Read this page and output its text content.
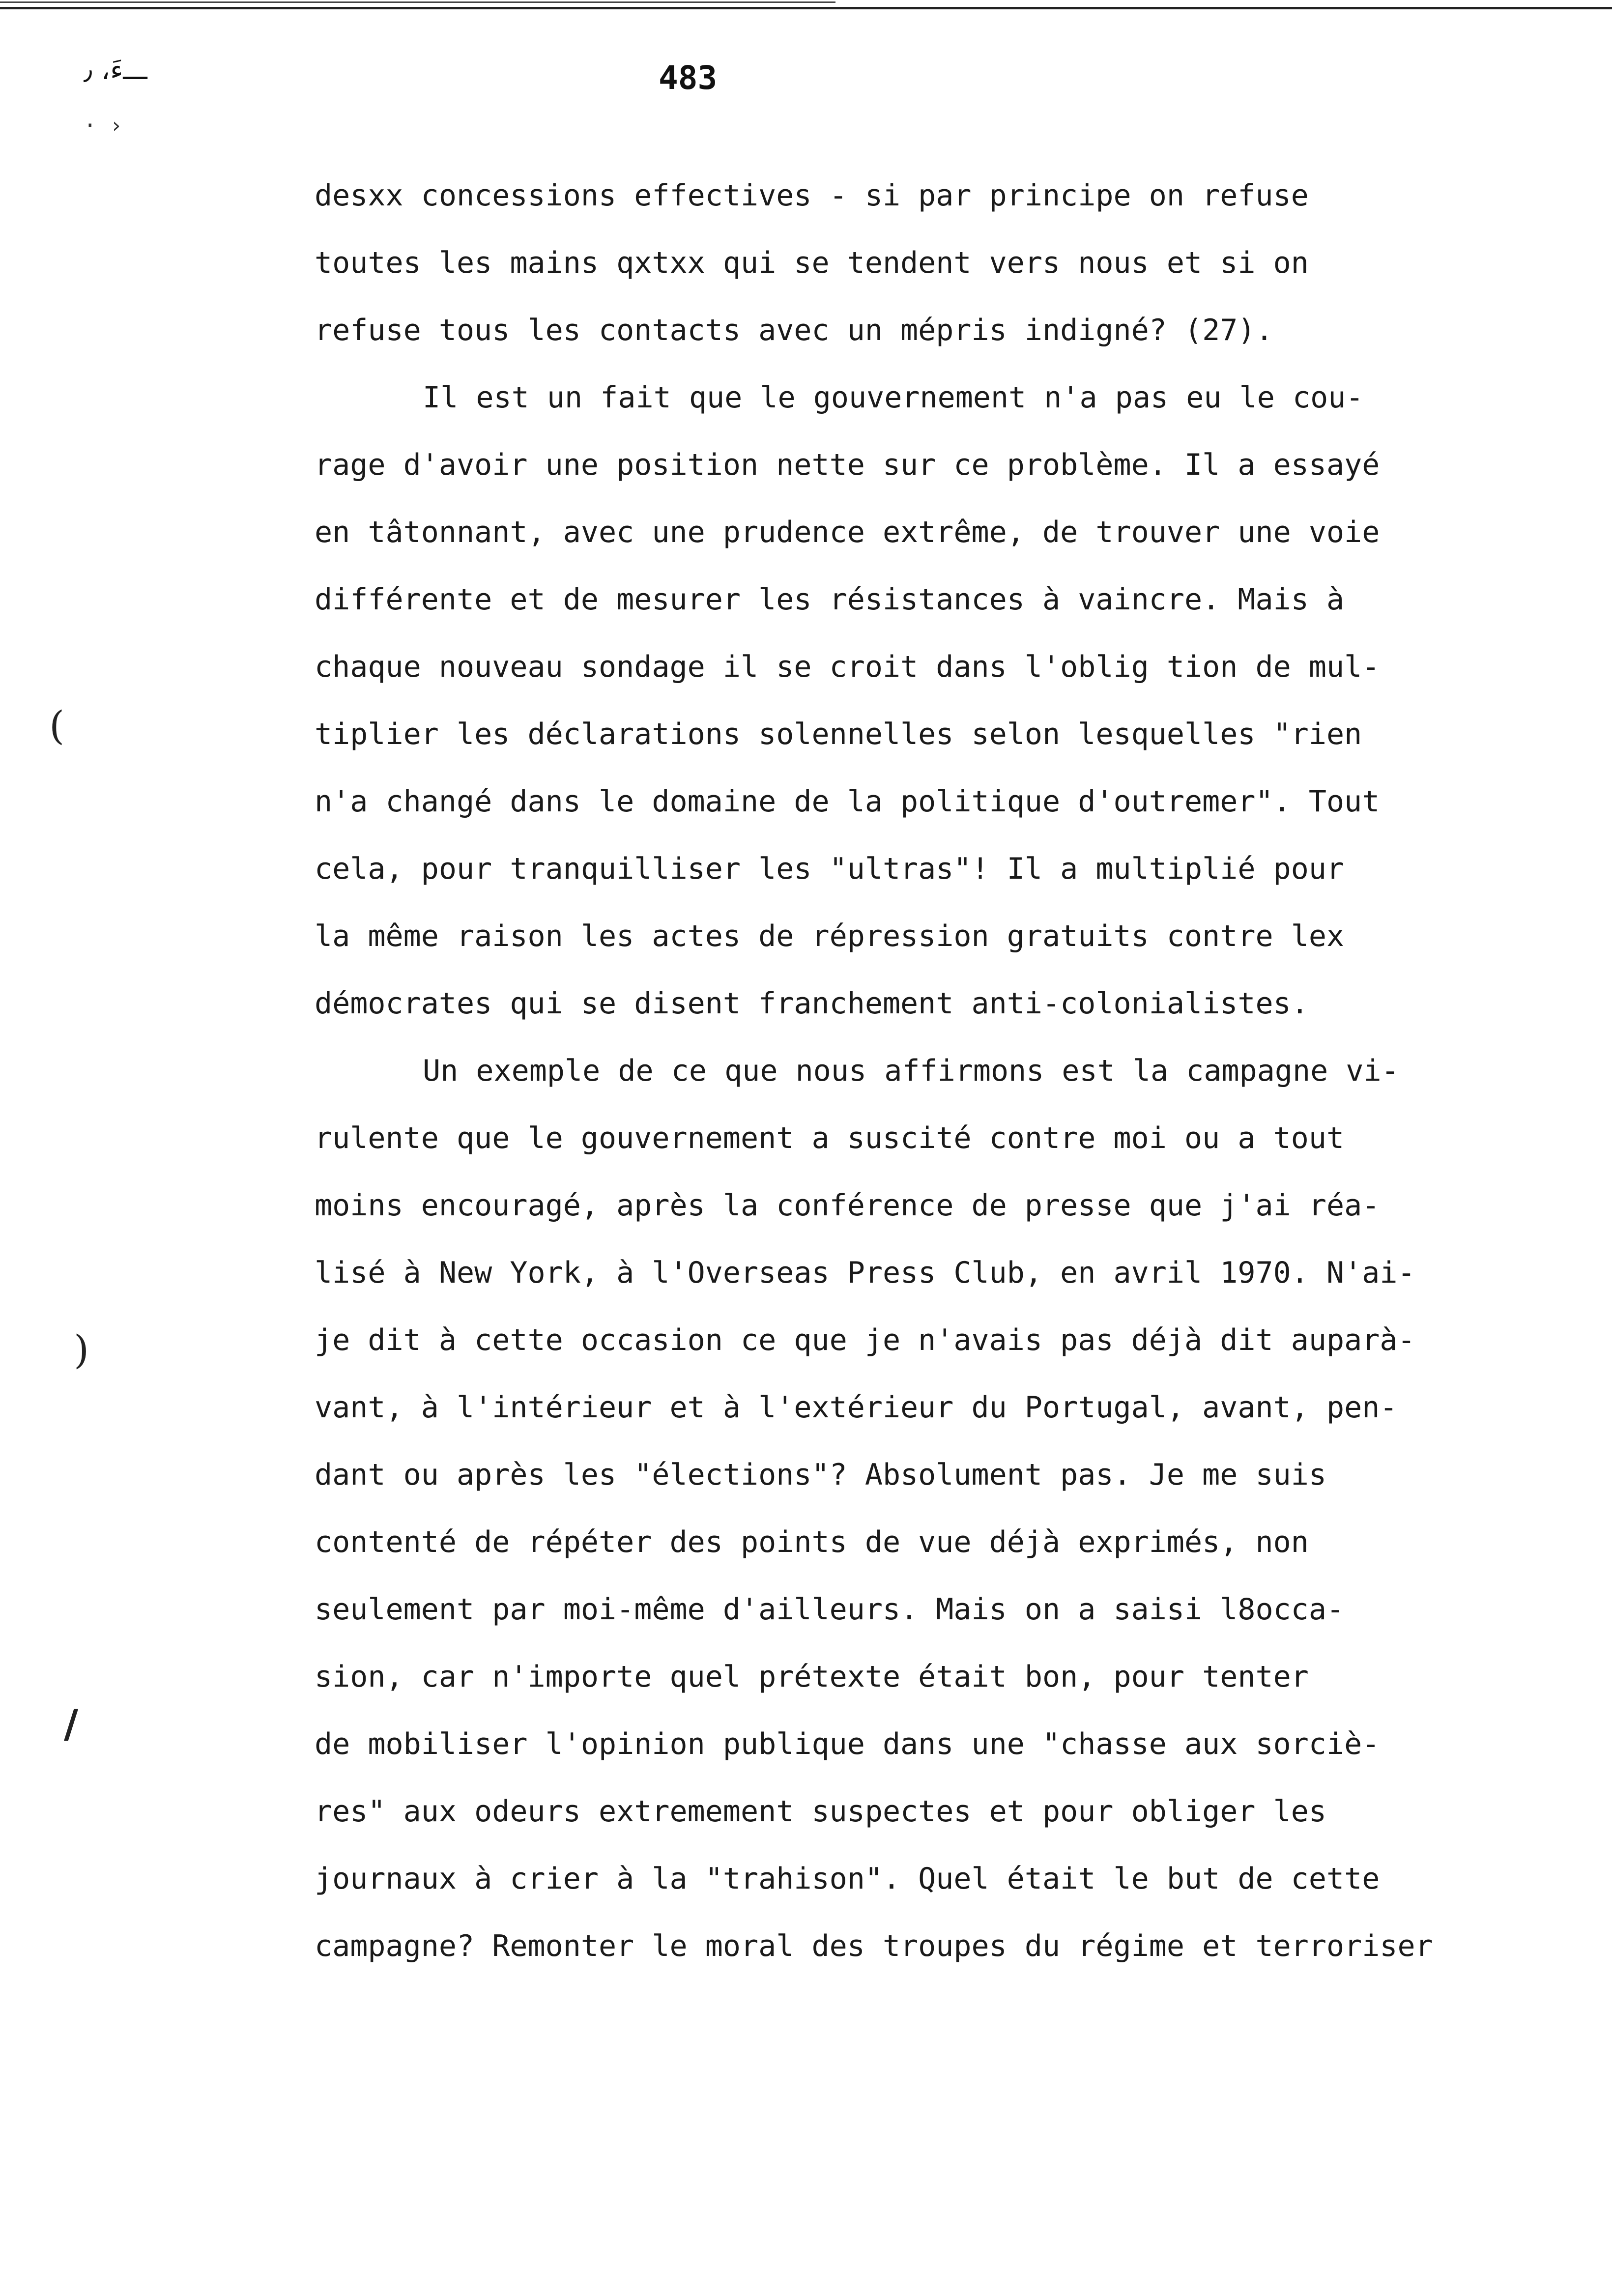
ـــءَ، ٫
· ›
483
(
)
/
desxx concessions effectives - si par principe on refuse
toutes les mains qxtxx qui se tendent vers nous et si on
refuse tous les contacts avec un mépris indigné? (27).
Il est un fait que le gouvernement n'a pas eu le cou-
rage d'avoir une position nette sur ce problème. Il a essayé
en tâtonnant, avec une prudence extrême, de trouver une voie
différente et de mesurer les résistances à vaincre. Mais à
chaque nouveau sondage il se croit dans l'oblig tion de mul-
tiplier les déclarations solennelles selon lesquelles "rien
n'a changé dans le domaine de la politique d'outremer". Tout
cela, pour tranquilliser les "ultras"! Il a multiplié pour
la même raison les actes de répression gratuits contre lex
démocrates qui se disent franchement anti-colonialistes.
Un exemple de ce que nous affirmons est la campagne vi-
rulente que le gouvernement a suscité contre moi ou a tout
moins encouragé, après la conférence de presse que j'ai réa-
lisé à New York, à l'Overseas Press Club, en avril 1970. N'ai-
je dit à cette occasion ce que je n'avais pas déjà dit auparà-
vant, à l'intérieur et à l'extérieur du Portugal, avant, pen-
dant ou après les "élections"? Absolument pas. Je me suis
contenté de répéter des points de vue déjà exprimés, non
seulement par moi-même d'ailleurs. Mais on a saisi l8occa-
sion, car n'importe quel prétexte était bon, pour tenter
de mobiliser l'opinion publique dans une "chasse aux sorciè-
res" aux odeurs extremement suspectes et pour obliger les
journaux à crier à la "trahison". Quel était le but de cette
campagne? Remonter le moral des troupes du régime et terroriser
